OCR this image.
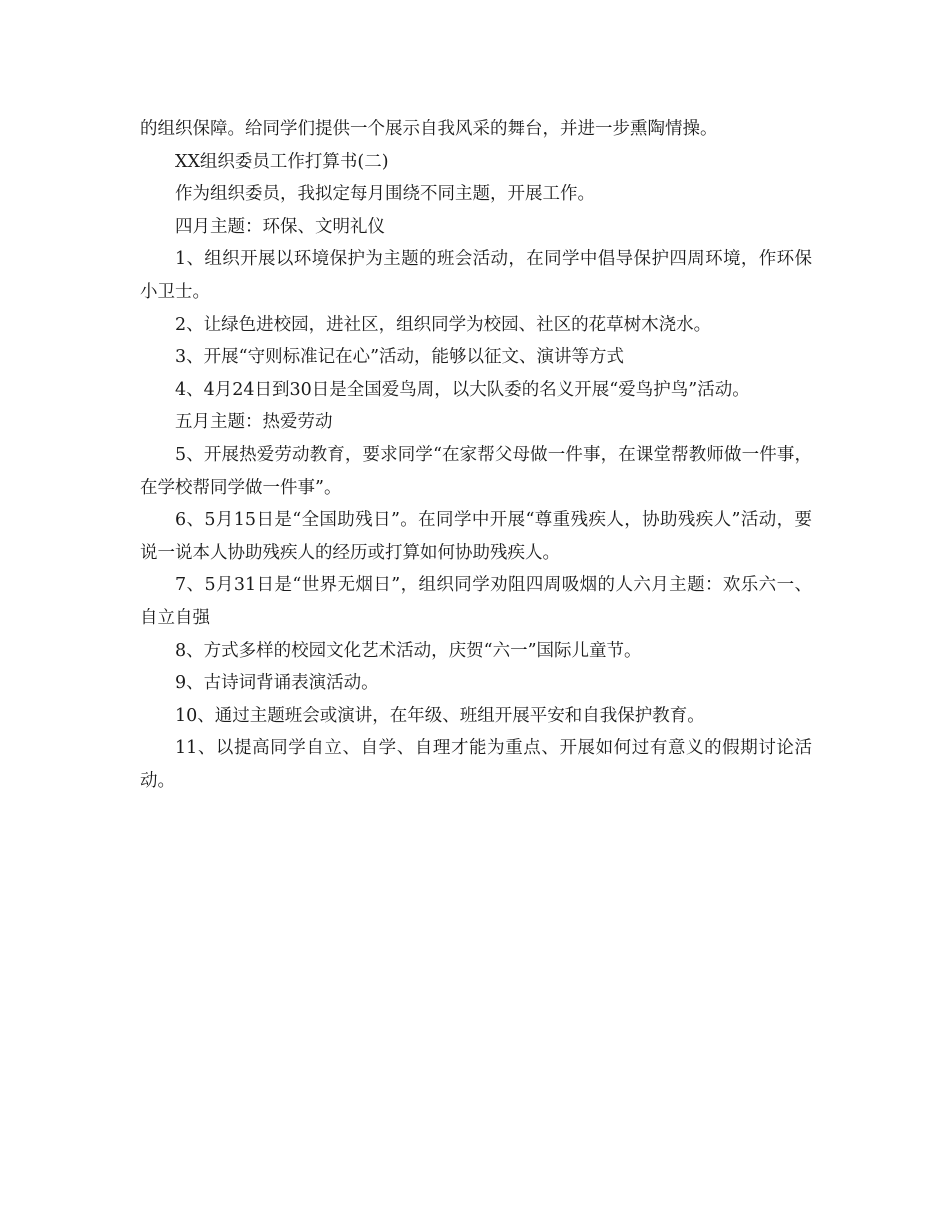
的组织保障。给同学们提供一个展示自我风采的舞台，并进一步熏陶情操。

XX组织委员工作打算书(二)

作为组织委员，我拟定每月围绕不同主题，开展工作。

四月主题：环保、文明礼仪

1、组织开展以环境保护为主题的班会活动，在同学中倡导保护四周环境，作环保小卫士。

2、让绿色进校园，进社区，组织同学为校园、社区的花草树木浇水。

3、开展“守则标准记在心”活动，能够以征文、演讲等方式

4、4月24日到30日是全国爱鸟周，以大队委的名义开展“爱鸟护鸟”活动。

五月主题：热爱劳动

5、开展热爱劳动教育，要求同学“在家帮父母做一件事，在课堂帮教师做一件事，在学校帮同学做一件事”。

6、5月15日是“全国助残日”。在同学中开展“尊重残疾人，协助残疾人”活动，要说一说本人协助残疾人的经历或打算如何协助残疾人。

7、5月31日是“世界无烟日”，组织同学劝阻四周吸烟的人六月主题：欢乐六一、自立自强

8、方式多样的校园文化艺术活动，庆贺“六一”国际儿童节。

9、古诗词背诵表演活动。

10、通过主题班会或演讲，在年级、班组开展平安和自我保护教育。

11、以提高同学自立、自学、自理才能为重点、开展如何过有意义的假期讨论活动。
